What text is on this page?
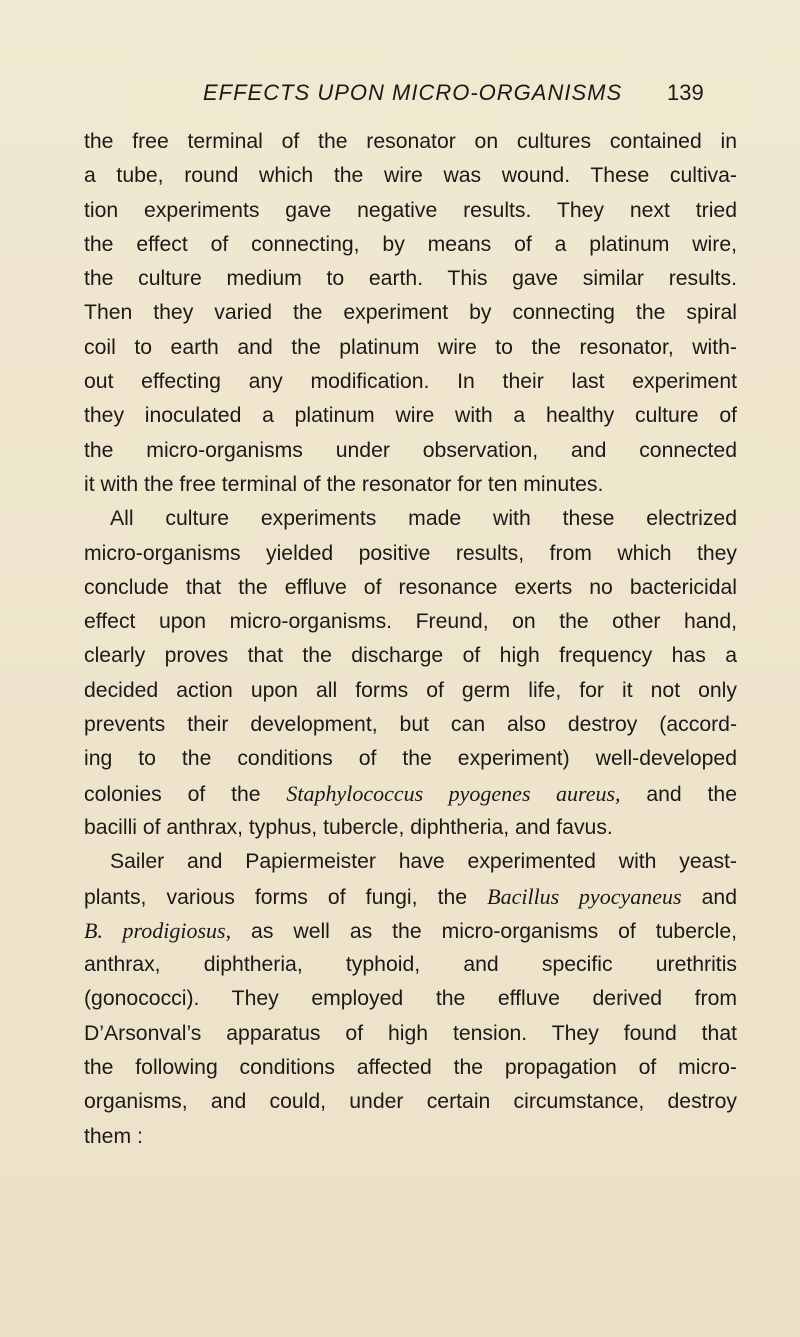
EFFECTS UPON MICRO-ORGANISMS 139
the free terminal of the resonator on cultures contained in
a tube, round which the wire was wound. These cultiva-
tion experiments gave negative results. They next tried
the effect of connecting, by means of a platinum wire,
the culture medium to earth. This gave similar results.
Then they varied the experiment by connecting the spiral
coil to earth and the platinum wire to the resonator, with-
out effecting any modification. In their last experiment
they inoculated a platinum wire with a healthy culture of
the micro-organisms under observation, and connected
it with the free terminal of the resonator for ten minutes.
All culture experiments made with these electrized
micro-organisms yielded positive results, from which they
conclude that the effluve of resonance exerts no bactericidal
effect upon micro-organisms. Freund, on the other hand,
clearly proves that the discharge of high frequency has a
decided action upon all forms of germ life, for it not only
prevents their development, but can also destroy (accord-
ing to the conditions of the experiment) well-developed
colonies of the Staphylococcus pyogenes aureus, and the
bacilli of anthrax, typhus, tubercle, diphtheria, and favus.
Sailer and Papiermeister have experimented with yeast-
plants, various forms of fungi, the Bacillus pyocyaneus and
B. prodigiosus, as well as the micro-organisms of tubercle,
anthrax, diphtheria, typhoid, and specific urethritis
(gonococci). They employed the effluve derived from
D’Arsonval’s apparatus of high tension. They found that
the following conditions affected the propagation of micro-
organisms, and could, under certain circumstance, destroy
them :
